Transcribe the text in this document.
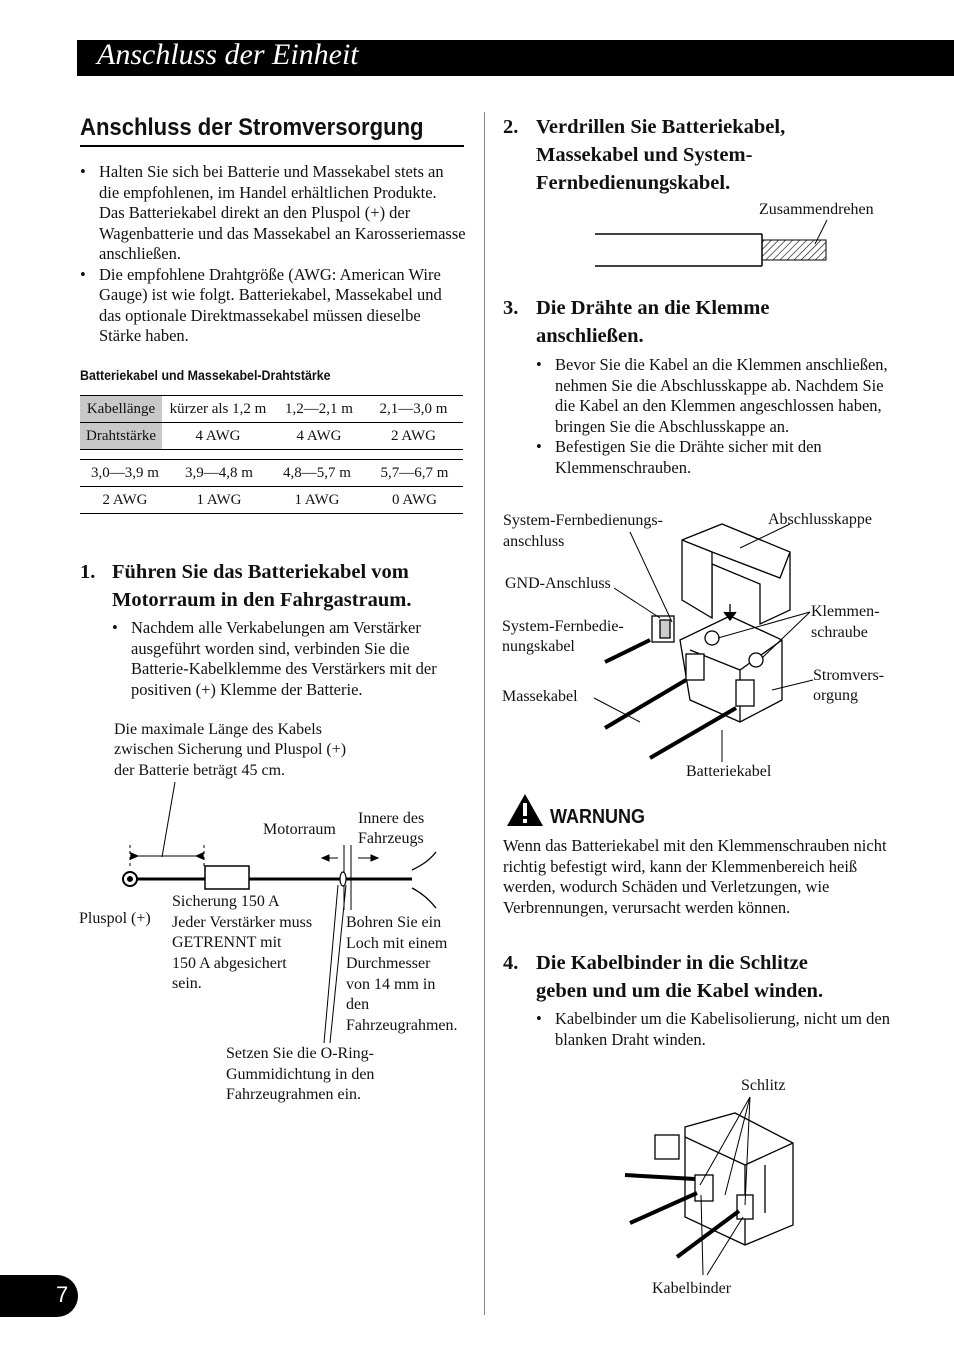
Anschluss der Einheit
Anschluss der Stromversorgung
• Halten Sie sich bei Batterie und Massekabel stets an die empfohlenen, im Handel erhältlichen Produkte. Das Batteriekabel direkt an den Pluspol (+) der Wagenbatterie und das Massekabel an Karosseriemasse anschließen.
• Die empfohlene Drahtgröße (AWG: American Wire Gauge) ist wie folgt. Batteriekabel, Massekabel und das optionale Direktmassekabel müssen dieselbe Stärke haben.
Batteriekabel und Massekabel-Drahtstärke
Kabellänge	kürzer als 1,2 m	1,2—2,1 m	2,1—3,0 m
Drahtstärke	4 AWG	4 AWG	2 AWG
3,0—3,9 m	3,9—4,8 m	4,8—5,7 m	5,7—6,7 m
2 AWG	1 AWG	1 AWG	0 AWG
1. Führen Sie das Batteriekabel vom Motorraum in den Fahrgastraum.
• Nachdem alle Verkabelungen am Verstärker ausgeführt worden sind, verbinden Sie die Batterie-Kabelklemme des Verstärkers mit der positiven (+) Klemme der Batterie.
Die maximale Länge des Kabels
zwischen Sicherung und Pluspol (+)
der Batterie beträgt 45 cm.
Motorraum
Innere des
Fahrzeugs
Pluspol (+)
Sicherung 150 A
Jeder Verstärker muss
GETRENNT mit
150 A abgesichert
sein.
Bohren Sie ein
Loch mit einem
Durchmesser
von 14 mm in
den
Fahrzeugrahmen.
Setzen Sie die O-Ring-
Gummidichtung in den
Fahrzeugrahmen ein.
2. Verdrillen Sie Batteriekabel,
Massekabel und System-
Fernbedienungskabel.
Zusammendrehen
3. Die Drähte an die Klemme
anschließen.
• Bevor Sie die Kabel an die Klemmen anschließen, nehmen Sie die Abschlusskappe ab. Nachdem Sie die Kabel an den Klemmen angeschlossen haben, bringen Sie die Abschlusskappe an.
• Befestigen Sie die Drähte sicher mit den Klemmenschrauben.
System-Fernbedienungs-
anschluss
Abschlusskappe
GND-Anschluss
Klemmen-
schraube
System-Fernbedie-
nungskabel
Stromvers-
orgung
Massekabel
Batteriekabel
WARNUNG
Wenn das Batteriekabel mit den Klemmenschrauben nicht richtig befestigt wird, kann der Klemmenbereich heiß werden, wodurch Schäden und Verletzungen, wie Verbrennungen, verursacht werden können.
4. Die Kabelbinder in die Schlitze
geben und um die Kabel winden.
• Kabelbinder um die Kabelisolierung, nicht um den blanken Draht winden.
Schlitz
Kabelbinder
7
